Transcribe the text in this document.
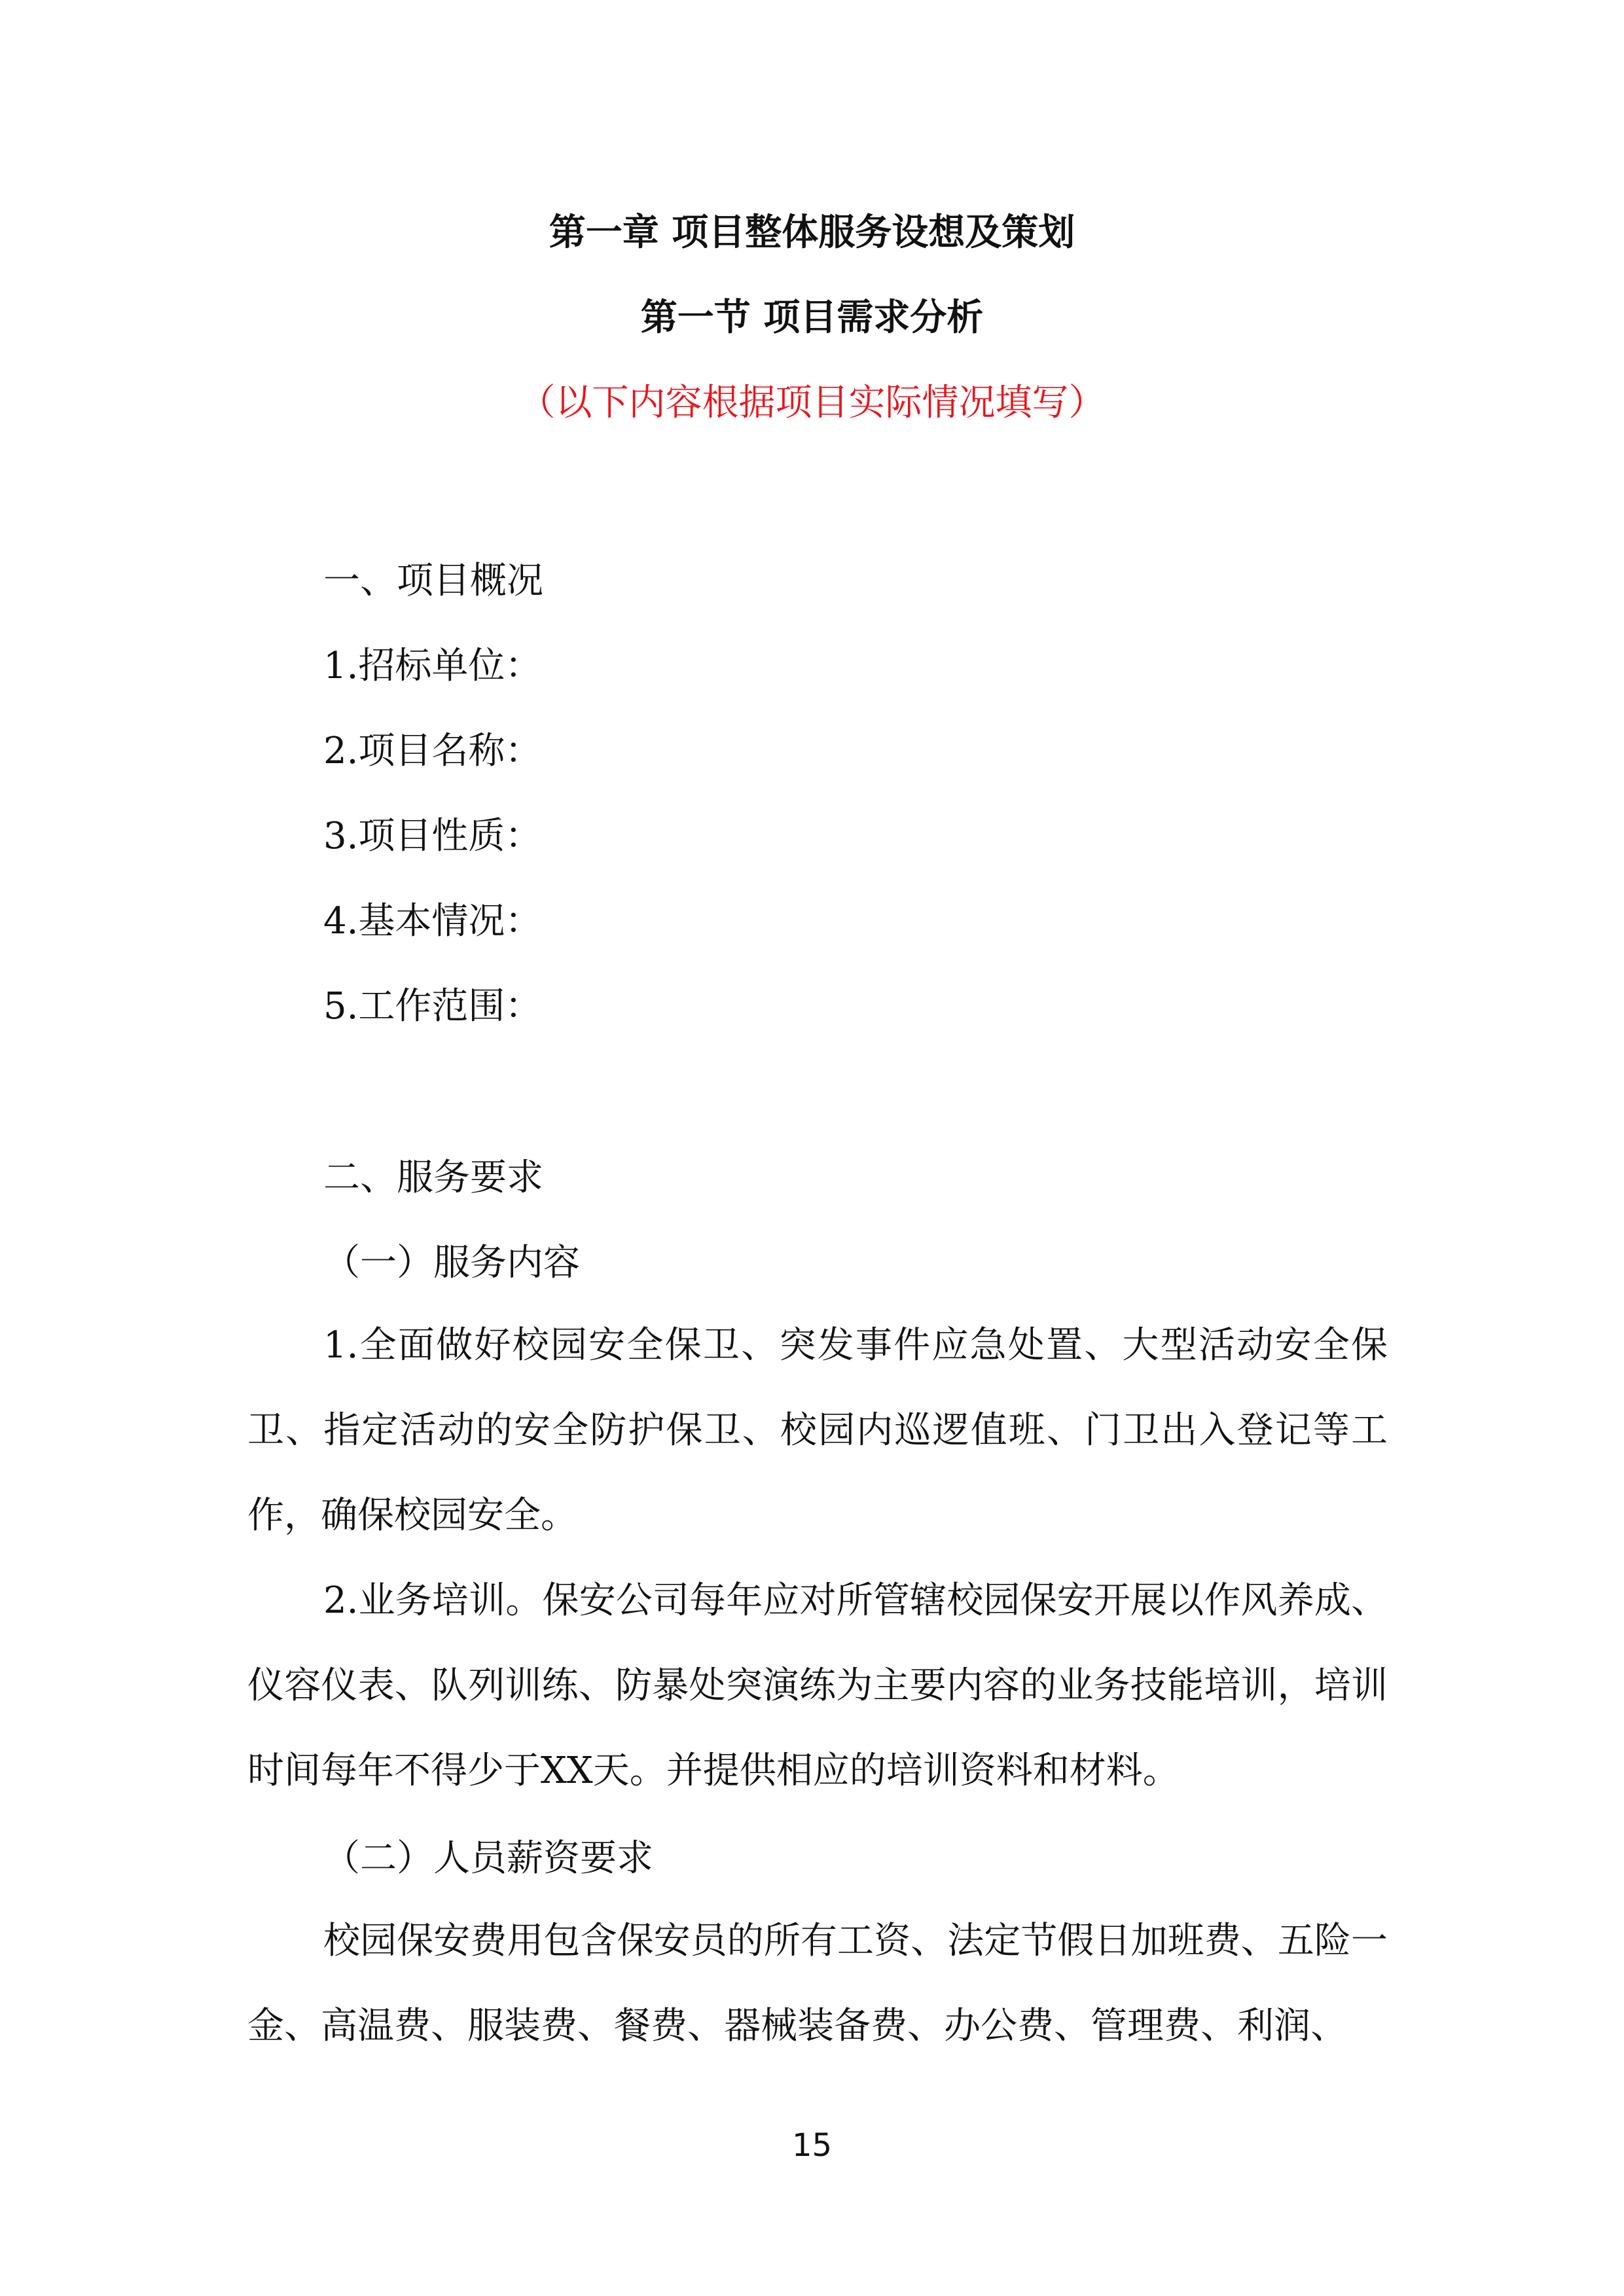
第一章 项目整体服务设想及策划
第一节 项目需求分析
（以下内容根据项目实际情况填写）
一、项目概况
1.招标单位：
2.项目名称：
3.项目性质：
4.基本情况：
5.工作范围：
二、服务要求
（一）服务内容
1.全面做好校园安全保卫、突发事件应急处置、大型活动安全保卫、指定活动的安全防护保卫、校园内巡逻值班、门卫出入登记等工作，确保校园安全。
2.业务培训。保安公司每年应对所管辖校园保安开展以作风养成、仪容仪表、队列训练、防暴处突演练为主要内容的业务技能培训，培训时间每年不得少于XX天。并提供相应的培训资料和材料。
（二）人员薪资要求
校园保安费用包含保安员的所有工资、法定节假日加班费、五险一金、高温费、服装费、餐费、器械装备费、办公费、管理费、利润、
15
